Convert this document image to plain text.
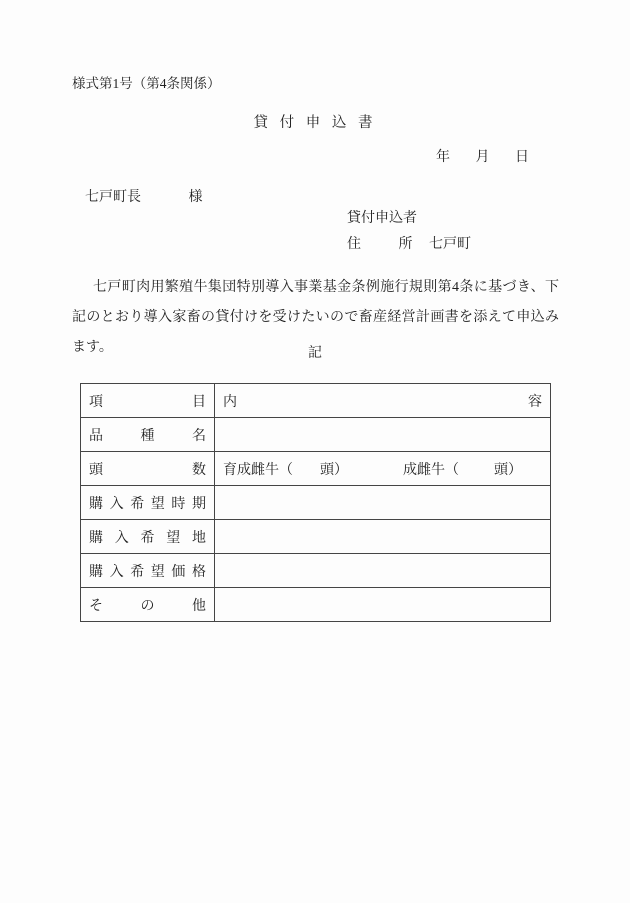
様式第1号（第4条関係）
貸 付 申 込 書
年 月 日
七戸町長	様
貸付申込者
住	所 七戸町
七戸町肉用繁殖牛集団特別導入事業基金条例施行規則第4条に基づき、下記のとおり導入家畜の貸付けを受けたいので畜産経営計画書を添えて申込みます。	記
項 目	内 容

品 種 名	
頭 数	育成雌牛（ 頭） 成雌牛（ 頭）
購 入 希 望 時 期	
購 入 希 望 地	
購 入 希 望 価 格	
そ の 他	
